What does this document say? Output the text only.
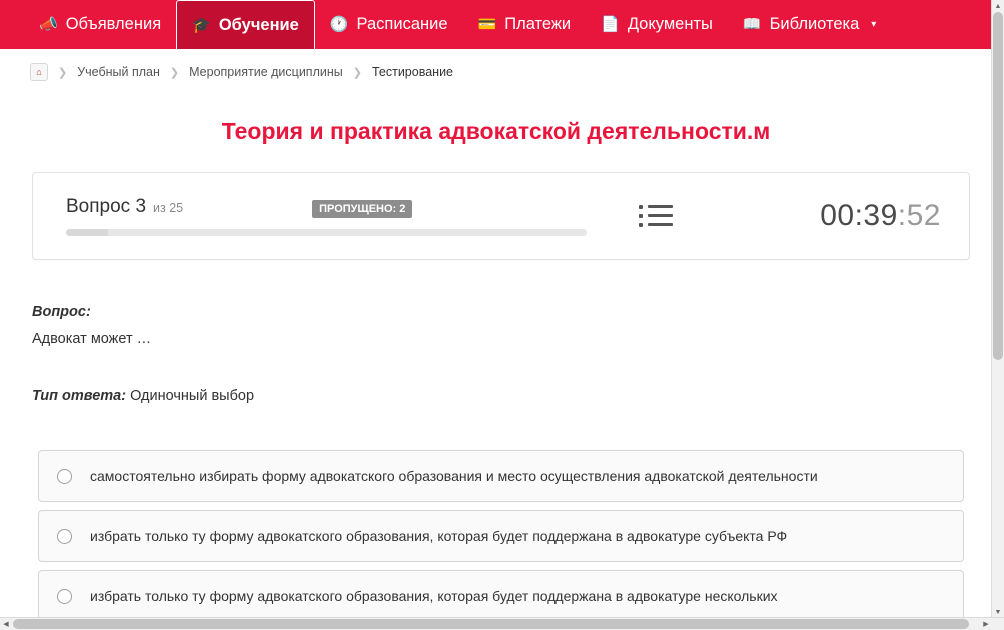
📣 Объявления 🎓 Обучение 🕐 Расписание 💳 Платежи 📄 Документы 📖 Библиотека ▾
⌂	❯ Учебный план ❯ Мероприятие дисциплины ❯ Тестирование
Теория и практика адвокатской деятельности.м
Вопрос 3 из 25	ПРОПУЩЕНО: 2	00:39:52
Вопрос:
Адвокат может …
Тип ответа: Одиночный выбор
самостоятельно избирать форму адвокатского образования и место осуществления адвокатской деятельности
избрать только ту форму адвокатского образования, которая будет поддержана в адвокатуре субъекта РФ
избрать только ту форму адвокатского образования, которая будет поддержана в адвокатуре нескольких
▲
▼
◀	▶
